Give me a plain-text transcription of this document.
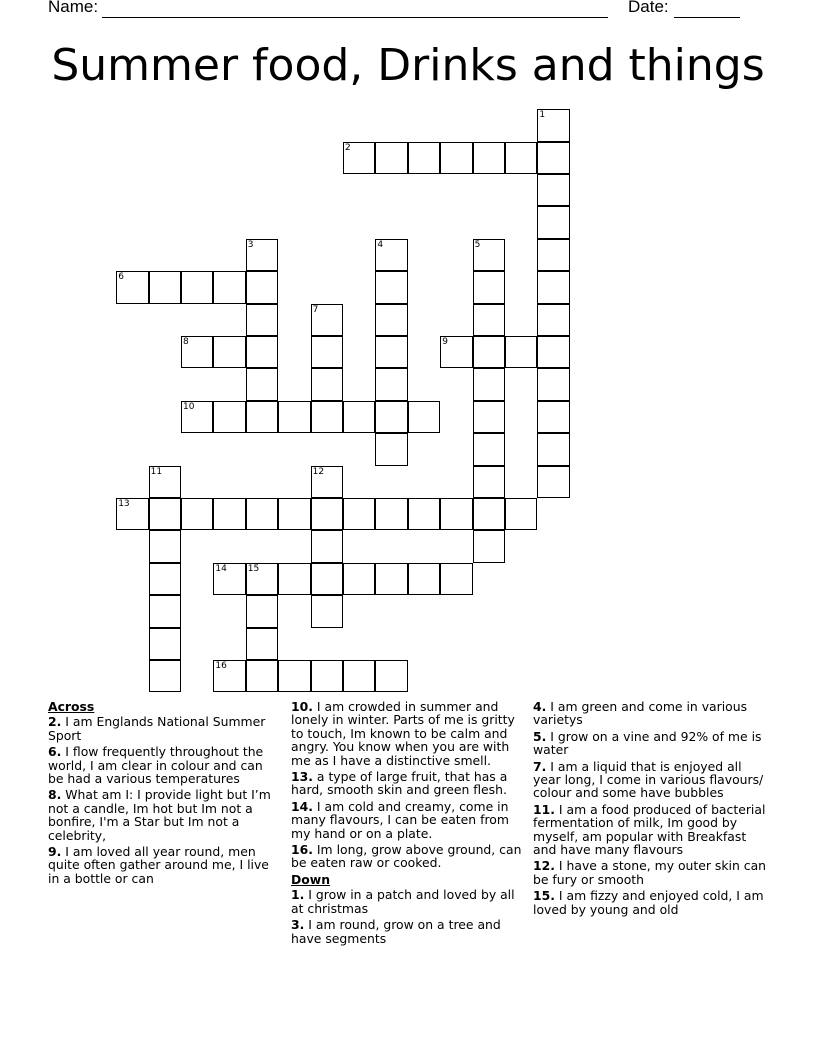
Name:	Date:
Summer food, Drinks and things
1
2
3	4	5
6
7
8	9
10
11	12
13
14 15
16
Across
2. I am Englands National Summer Sport
6. I flow frequently throughout the world, I am clear in colour and can be had a various temperatures
8. What am I: I provide light but I’m not a candle, Im hot but Im not a bonfire, I'm a Star but Im not a celebrity,
9. I am loved all year round, men quite often gather around me, I live in a bottle or can
10. I am crowded in summer and lonely in winter. Parts of me is gritty to touch, Im known to be calm and angry. You know when you are with me as I have a distinctive smell.
13. a type of large fruit, that has a hard, smooth skin and green flesh.
14. I am cold and creamy, come in many flavours, I can be eaten from my hand or on a plate.
16. Im long, grow above ground, can be eaten raw or cooked.
Down
1. I grow in a patch and loved by all at christmas
3. I am round, grow on a tree and have segments
4. I am green and come in various varietys
5. I grow on a vine and 92% of me is water
7. I am a liquid that is enjoyed all year long, I come in various flavours/ colour and some have bubbles
11. I am a food produced of bacterial fermentation of milk, Im good by myself, am popular with Breakfast and have many flavours
12. I have a stone, my outer skin can be fury or smooth
15. I am fizzy and enjoyed cold, I am loved by young and old
